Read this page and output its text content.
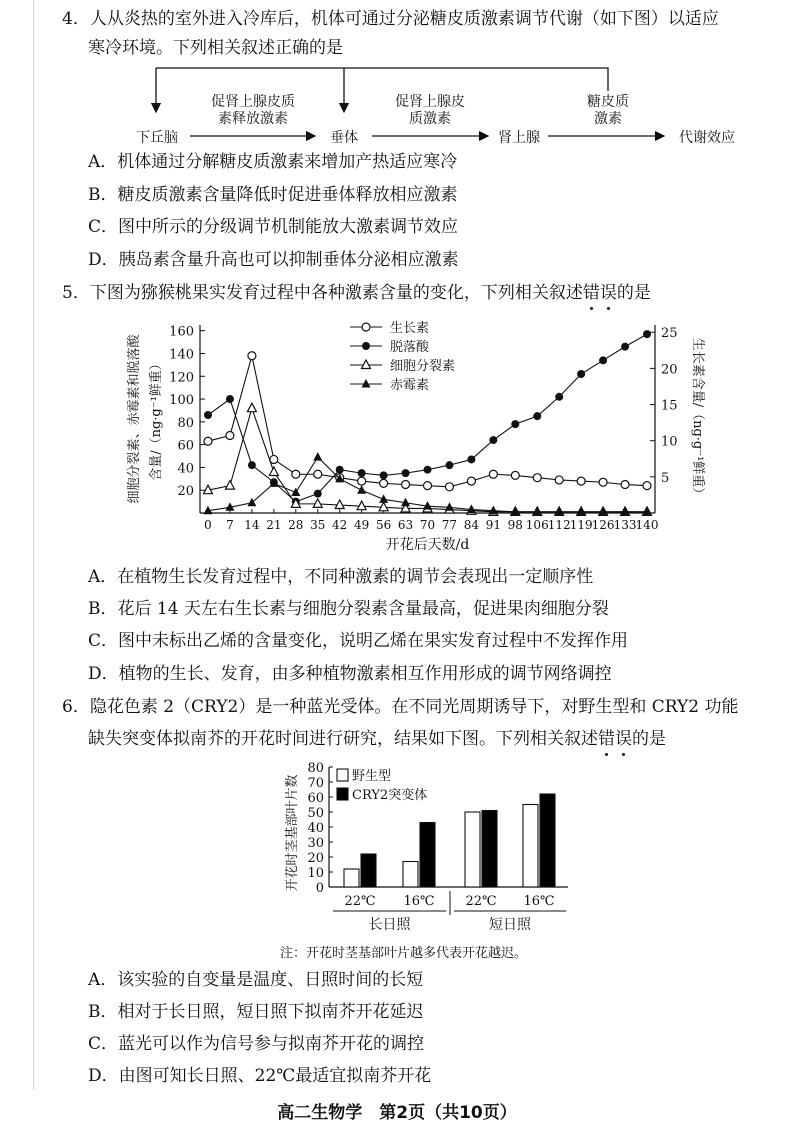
4．人从炎热的室外进入冷库后，机体可通过分泌糖皮质激素调节代谢（如下图）以适应
寒冷环境。下列相关叙述正确的是
下丘脑	垂体	肾上腺	代谢效应
促肾上腺皮质
素释放激素
促肾上腺皮
质激素
糖皮质
激素
A．机体通过分解糖皮质激素来增加产热适应寒冷
B．糖皮质激素含量降低时促进垂体释放相应激素
C．图中所示的分级调节机制能放大激素调节效应
D．胰岛素含量升高也可以抑制垂体分泌相应激素
5．下图为猕猴桃果实发育过程中各种激素含量的变化，下列相关叙述错误的是
20
40
60
80
100
120
140
160
5
10
15
20
25
0 7 14 21 28 35 42 49 56 63 70 77 84 91 98 106 112 119 126 133 140
开花后天数/d
细胞分裂素、赤霉素和脱落酸 含量/（ng·g⁻¹鲜重）	生长素含量/（ng·g⁻¹鲜重）
生长素
脱落酸
细胞分裂素
赤霉素
A．在植物生长发育过程中，不同种激素的调节会表现出一定顺序性
B．花后 14 天左右生长素与细胞分裂素含量最高，促进果肉细胞分裂
C．图中未标出乙烯的含量变化，说明乙烯在果实发育过程中不发挥作用
D．植物的生长、发育，由多种植物激素相互作用形成的调节网络调控
6．隐花色素 2（CRY2）是一种蓝光受体。在不同光周期诱导下，对野生型和 CRY2 功能
缺失突变体拟南芥的开花时间进行研究，结果如下图。下列相关叙述错误的是
0
10
20
30
40
50
60
70
80
开花时茎基部叶片数
22℃ 16℃ 22℃ 16℃
长日照	短日照
野生型
CRY2突变体
注：开花时茎基部叶片越多代表开花越迟。
A．该实验的自变量是温度、日照时间的长短
B．相对于长日照，短日照下拟南芥开花延迟
C．蓝光可以作为信号参与拟南芥开花的调控
D．由图可知长日照、22℃最适宜拟南芥开花
高二生物学　第2页（共10页）
